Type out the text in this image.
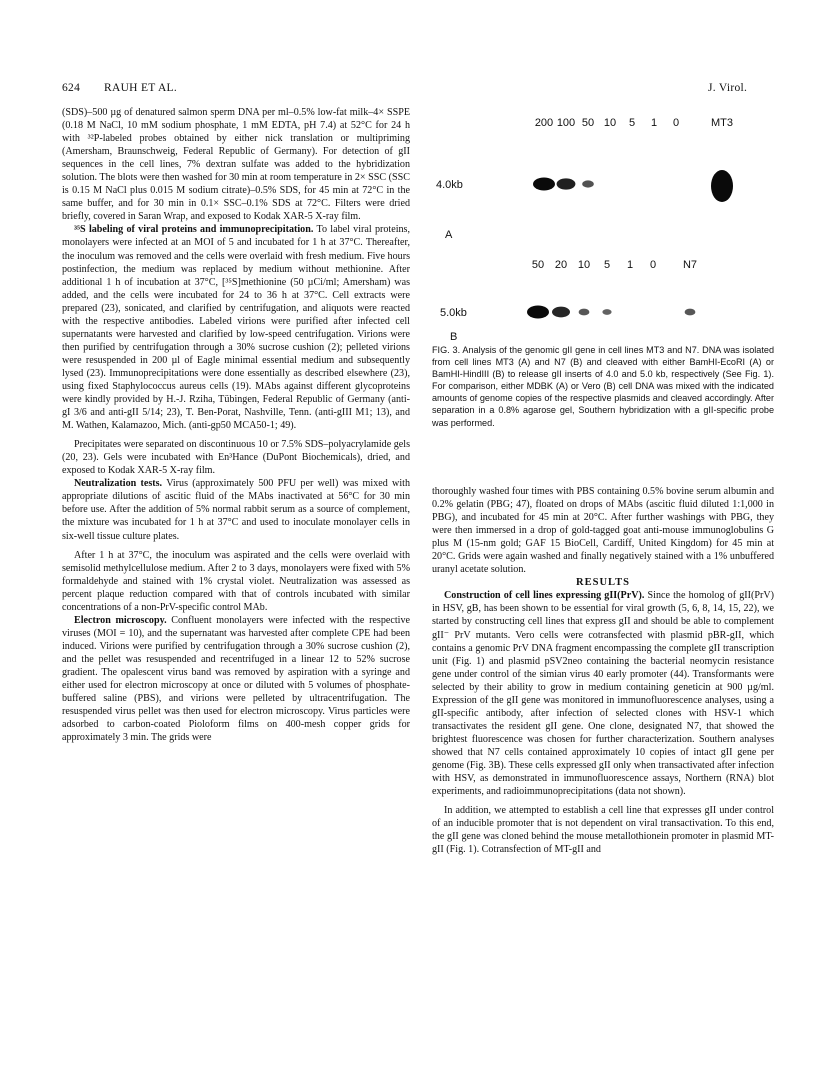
624 RAUH ET AL.	J. Virol.

(SDS)–500 µg of denatured salmon sperm DNA per ml–0.5% low-fat milk–4× SSPE (0.18 M NaCl, 10 mM sodium phosphate, 1 mM EDTA, pH 7.4) at 52°C for 24 h with ³²P-labeled probes obtained by either nick translation or multipriming (Amersham, Braunschweig, Federal Republic of Germany). For detection of gII sequences in the cell lines, 7% dextran sulfate was added to the hybridization solution. The blots were then washed for 30 min at room temperature in 2× SSC (SSC is 0.15 M NaCl plus 0.015 M sodium citrate)–0.5% SDS, for 45 min at 72°C in the same buffer, and for 30 min in 0.1× SSC–0.1% SDS at 72°C. Filters were dried briefly, covered in Saran Wrap, and exposed to Kodak XAR-5 X-ray film.

³⁵S labeling of viral proteins and immunoprecipitation. To label viral proteins, monolayers were infected at an MOI of 5 and incubated for 1 h at 37°C. Thereafter, the inoculum was removed and the cells were overlaid with fresh medium. Five hours postinfection, the medium was replaced by medium without methionine. After additional 1 h of incubation at 37°C, [³⁵S]methionine (50 µCi/ml; Amersham) was added, and the cells were incubated for 24 to 36 h at 37°C. Cell extracts were prepared (23), sonicated, and clarified by centrifugation, and aliquots were reacted with the respective antibodies. Labeled virions were purified after infected cell supernatants were harvested and clarified by low-speed centrifugation. Virions were then purified by centrifugation through a 30% sucrose cushion (2); pelleted virions were resuspended in 200 µl of Eagle minimal essential medium and subsequently lysed (23). Immunoprecipitations were done essentially as described elsewhere (23), using fixed Staphylococcus aureus cells (19). MAbs against different glycoproteins were kindly provided by H.-J. Rziha, Tübingen, Federal Republic of Germany (anti-gI 3/6 and anti-gII 5/14; 23), T. Ben-Porat, Nashville, Tenn. (anti-gIII M1; 13), and M. Wathen, Kalamazoo, Mich. (anti-gp50 MCA50-1; 49).

Precipitates were separated on discontinuous 10 or 7.5% SDS–polyacrylamide gels (20, 23). Gels were incubated with En³Hance (DuPont Biochemicals), dried, and exposed to Kodak XAR-5 X-ray film.

Neutralization tests. Virus (approximately 500 PFU per well) was mixed with appropriate dilutions of ascitic fluid of the MAbs inactivated at 56°C for 30 min before use. After the addition of 5% normal rabbit serum as a source of complement, the mixture was incubated for 1 h at 37°C and used to inoculate monolayer cells in six-well tissue culture plates.

After 1 h at 37°C, the inoculum was aspirated and the cells were overlaid with semisolid methylcellulose medium. After 2 to 3 days, monolayers were fixed with 5% formaldehyde and stained with 1% crystal violet. Neutralization was assessed as percent plaque reduction compared with that of controls incubated with similar concentrations of a non-PrV-specific control MAb.

Electron microscopy. Confluent monolayers were infected with the respective viruses (MOI = 10), and the supernatant was harvested after complete CPE had been induced. Virions were purified by centrifugation through a 30% sucrose cushion (2), and the pellet was resuspended and recentrifuged in a linear 12 to 52% sucrose gradient. The opalescent virus band was removed by aspiration with a syringe and either used for electron microscopy at once or diluted with 5 volumes of phosphate-buffered saline (PBS), and virions were pelleted by ultracentrifugation. The resuspended virus pellet was then used for electron microscopy. Virus particles were adsorbed to carbon-coated Pioloform films on 400-mesh copper grids for approximately 3 min. The grids were

4.0kb
200 100 50 10 5 1 0	MT3
A
5.0kb
50 20 10 5 1 0 N7
B
FIG. 3. Analysis of the genomic gII gene in cell lines MT3 and N7. DNA was isolated from cell lines MT3 (A) and N7 (B) and cleaved with either BamHI-EcoRI (A) or BamHI-HindIII (B) to release gII inserts of 4.0 and 5.0 kb, respectively (See Fig. 1). For comparison, either MDBK (A) or Vero (B) cell DNA was mixed with the indicated amounts of genome copies of the respective plasmids and cleaved accordingly. After separation in a 0.8% agarose gel, Southern hybridization with a gII-specific probe was performed.

thoroughly washed four times with PBS containing 0.5% bovine serum albumin and 0.2% gelatin (PBG; 47), floated on drops of MAbs (ascitic fluid diluted 1:1,000 in PBG), and incubated for 45 min at 20°C. After further washings with PBG, they were then immersed in a drop of gold-tagged goat anti-mouse immunoglobulins G plus M (15-nm gold; GAF 15 BioCell, Cardiff, United Kingdom) for 45 min at 20°C. Grids were again washed and finally negatively stained with a 1% unbuffered uranyl acetate solution.

RESULTS

Construction of cell lines expressing gII(PrV). Since the homolog of gII(PrV) in HSV, gB, has been shown to be essential for viral growth (5, 6, 8, 14, 15, 22), we started by constructing cell lines that express gII and should be able to complement gII⁻ PrV mutants. Vero cells were cotransfected with plasmid pBR-gII, which contains a genomic PrV DNA fragment encompassing the complete gII transcription unit (Fig. 1) and plasmid pSV2neo containing the bacterial neomycin resistance gene under control of the simian virus 40 early promoter (44). Transformants were selected by their ability to grow in medium containing geneticin at 900 µg/ml. Expression of the gII gene was monitored in immunofluorescence analyses, using a gII-specific antibody, after infection of selected clones with HSV-1 which transactivates the resident gII gene. One clone, designated N7, that showed the brightest fluorescence was chosen for further characterization. Southern analyses showed that N7 cells contained approximately 10 copies of intact gII gene per genome (Fig. 3B). These cells expressed gII only when transactivated after infection with HSV, as demonstrated in immunofluorescence assays, Northern (RNA) blot experiments, and radioimmunoprecipitations (data not shown).

In addition, we attempted to establish a cell line that expresses gII under control of an inducible promoter that is not dependent on viral transactivation. To this end, the gII gene was cloned behind the mouse metallothionein promoter in plasmid MT-gII (Fig. 1). Cotransfection of MT-gII and
